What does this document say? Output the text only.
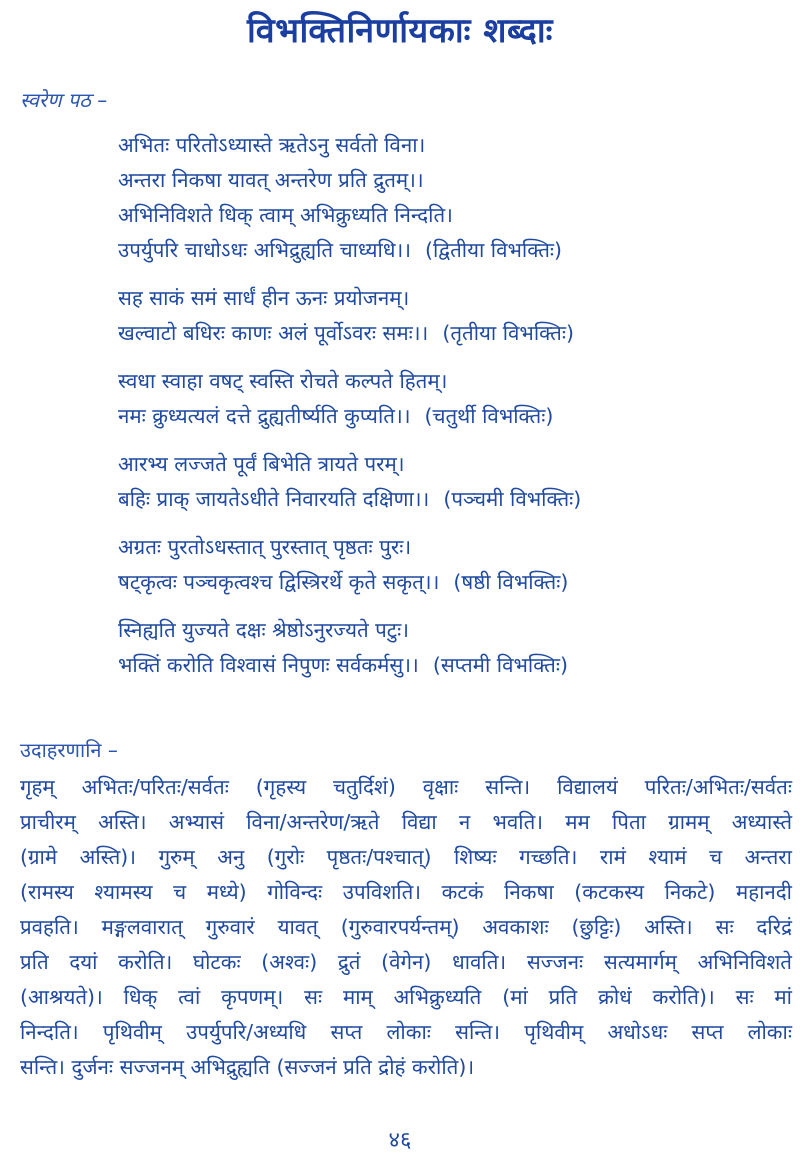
विभक्तिनिर्णायकाः शब्दाः
स्वरेण पठ –
अभितः परितोऽध्यास्ते ऋतेऽनु सर्वतो विना।
अन्तरा निकषा यावत् अन्तरेण प्रति द्रुतम्।।
अभिनिविशते धिक् त्वाम् अभिक्रुध्यति निन्दति।
उपर्युपरि चाधोऽधः अभिद्रुह्यति चाध्यधि।। (द्वितीया विभक्तिः)
सह साकं समं सार्धं हीन ऊनः प्रयोजनम्।
खल्वाटो बधिरः काणः अलं पूर्वोऽवरः समः।। (तृतीया विभक्तिः)
स्वधा स्वाहा वषट् स्वस्ति रोचते कल्पते हितम्।
नमः क्रुध्यत्यलं दत्ते द्रुह्यतीर्ष्यति कुप्यति।। (चतुर्थी विभक्तिः)
आरभ्य लज्जते पूर्वं बिभेति त्रायते परम्।
बहिः प्राक् जायतेऽधीते निवारयति दक्षिणा।। (पञ्चमी विभक्तिः)
अग्रतः पुरतोऽधस्तात् पुरस्तात् पृष्ठतः पुरः।
षट्कृत्वः पञ्चकृत्वश्च द्विस्त्रिरर्थे कृते सकृत्।। (षष्ठी विभक्तिः)
स्निह्यति युज्यते दक्षः श्रेष्ठोऽनुरज्यते पटुः।
भक्तिं करोति विश्वासं निपुणः सर्वकर्मसु।। (सप्तमी विभक्तिः)
उदाहरणानि –
गृहम् अभितः/परितः/सर्वतः (गृहस्य चतुर्दिशं) वृक्षाः सन्ति। विद्यालयं परितः/अभितः/सर्वतः
प्राचीरम् अस्ति। अभ्यासं विना/अन्तरेण/ऋते विद्या न भवति। मम पिता ग्रामम् अध्यास्ते
(ग्रामे अस्ति)। गुरुम् अनु (गुरोः पृष्ठतः/पश्चात्) शिष्यः गच्छति। रामं श्यामं च अन्तरा
(रामस्य श्यामस्य च मध्ये) गोविन्दः उपविशति। कटकं निकषा (कटकस्य निकटे) महानदी
प्रवहति। मङ्गलवारात् गुरुवारं यावत् (गुरुवारपर्यन्तम्) अवकाशः (छुट्टिः) अस्ति। सः दरिद्रं
प्रति दयां करोति। घोटकः (अश्वः) द्रुतं (वेगेन) धावति। सज्जनः सत्यमार्गम् अभिनिविशते
(आश्रयते)। धिक् त्वां कृपणम्। सः माम् अभिक्रुध्यति (मां प्रति क्रोधं करोति)। सः मां
निन्दति। पृथिवीम् उपर्युपरि/अध्यधि सप्त लोकाः सन्ति। पृथिवीम् अधोऽधः सप्त लोकाः
सन्ति। दुर्जनः सज्जनम् अभिद्रुह्यति (सज्जनं प्रति द्रोहं करोति)।
४६
